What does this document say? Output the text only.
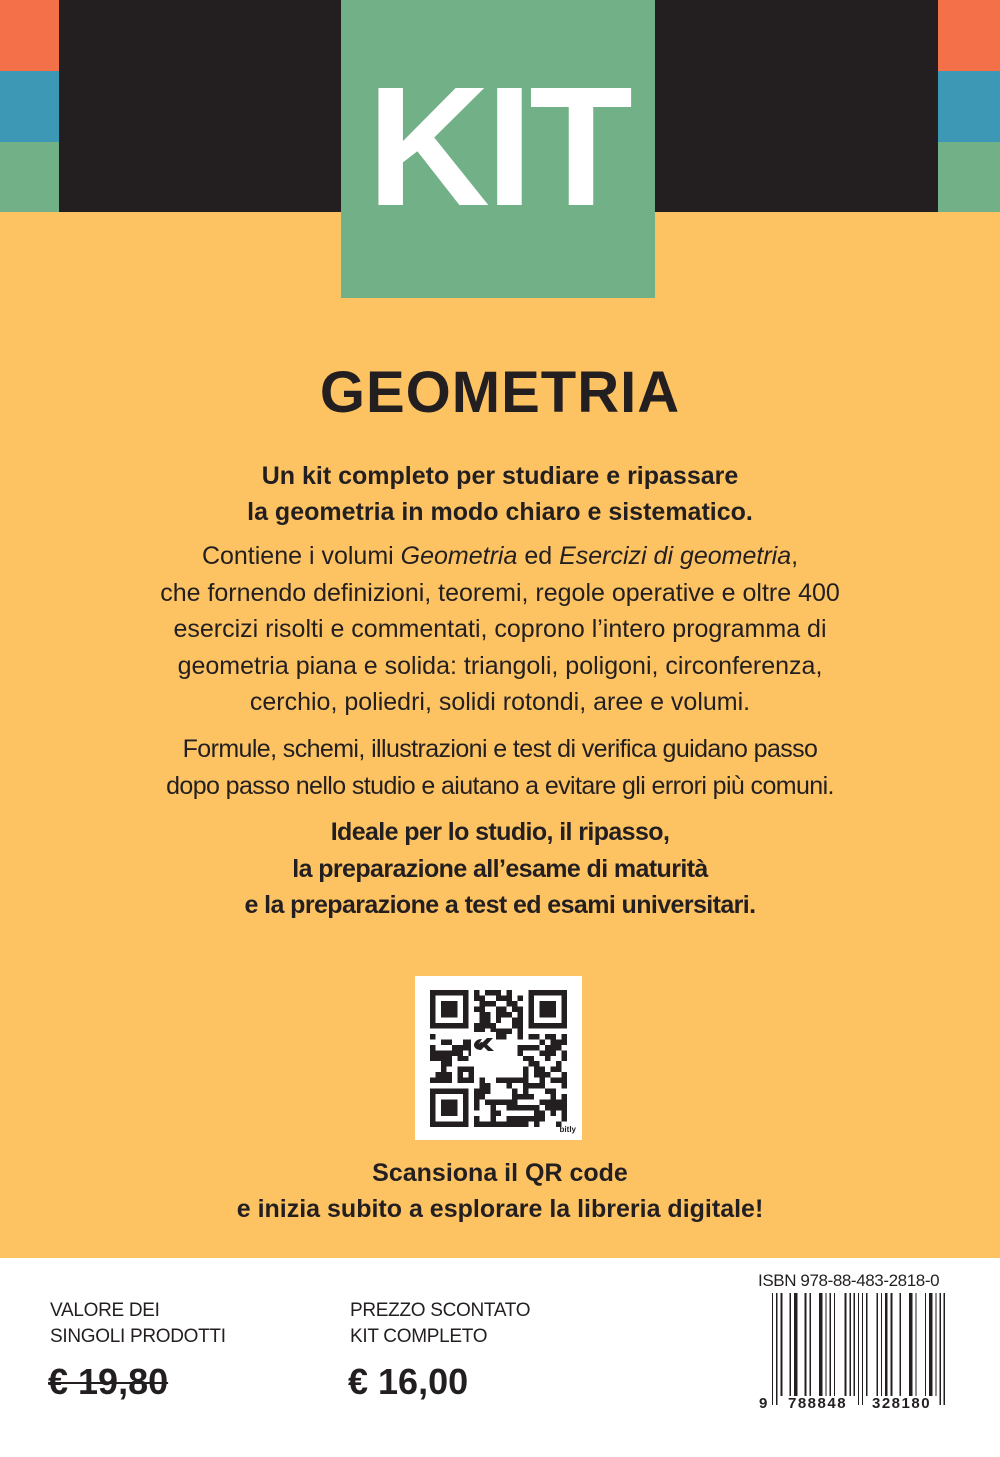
KIT
GEOMETRIA
Un kit completo per studiare e ripassare
la geometria in modo chiaro e sistematico.
Contiene i volumi Geometria ed Esercizi di geometria,
che fornendo definizioni, teoremi, regole operative e oltre 400
esercizi risolti e commentati, coprono l’intero programma di
geometria piana e solida: triangoli, poligoni, circonferenza,
cerchio, poliedri, solidi rotondi, aree e volumi.
Formule, schemi, illustrazioni e test di verifica guidano passo
dopo passo nello studio e aiutano a evitare gli errori più comuni.
Ideale per lo studio, il ripasso,
la preparazione all’esame di maturità
e la preparazione a test ed esami universitari.
bitly
Scansiona il QR code
e inizia subito a esplorare la libreria digitale!
VALORE DEI
SINGOLI PRODOTTI
€ 19,80
PREZZO SCONTATO
KIT COMPLETO
€ 16,00
ISBN 978-88-483-2818-0
9 788848 328180
